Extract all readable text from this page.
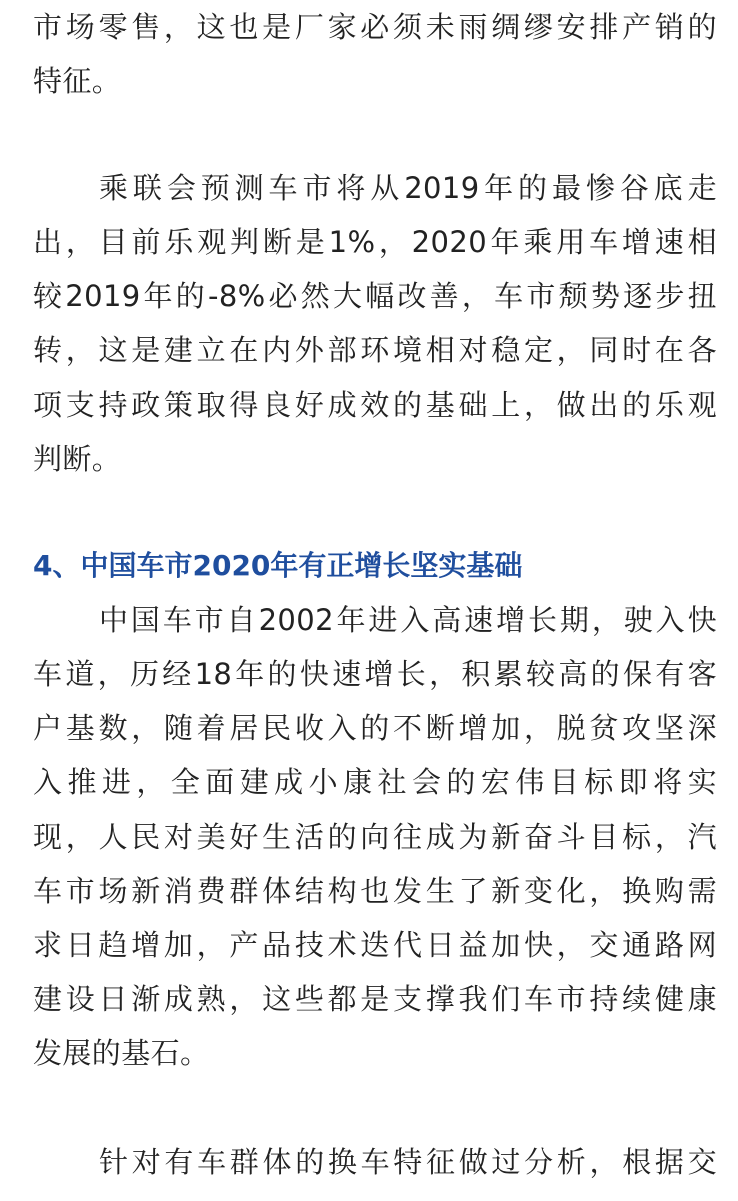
市场零售，这也是厂家必须未雨绸缪安排产销的
特征。
乘联会预测车市将从2019年的最惨谷底走
出，目前乐观判断是1%，2020年乘用车增速相
较2019年的-8%必然大幅改善，车市颓势逐步扭
转，这是建立在内外部环境相对稳定，同时在各
项支持政策取得良好成效的基础上，做出的乐观
判断。
4、中国车市2020年有正增长坚实基础
中国车市自2002年进入高速增长期，驶入快
车道，历经18年的快速增长，积累较高的保有客
户基数，随着居民收入的不断增加，脱贫攻坚深
入推进，全面建成小康社会的宏伟目标即将实
现，人民对美好生活的向往成为新奋斗目标，汽
车市场新消费群体结构也发生了新变化，换购需
求日趋增加，产品技术迭代日益加快，交通路网
建设日渐成熟，这些都是支撑我们车市持续健康
发展的基石。
针对有车群体的换车特征做过分析，根据交
